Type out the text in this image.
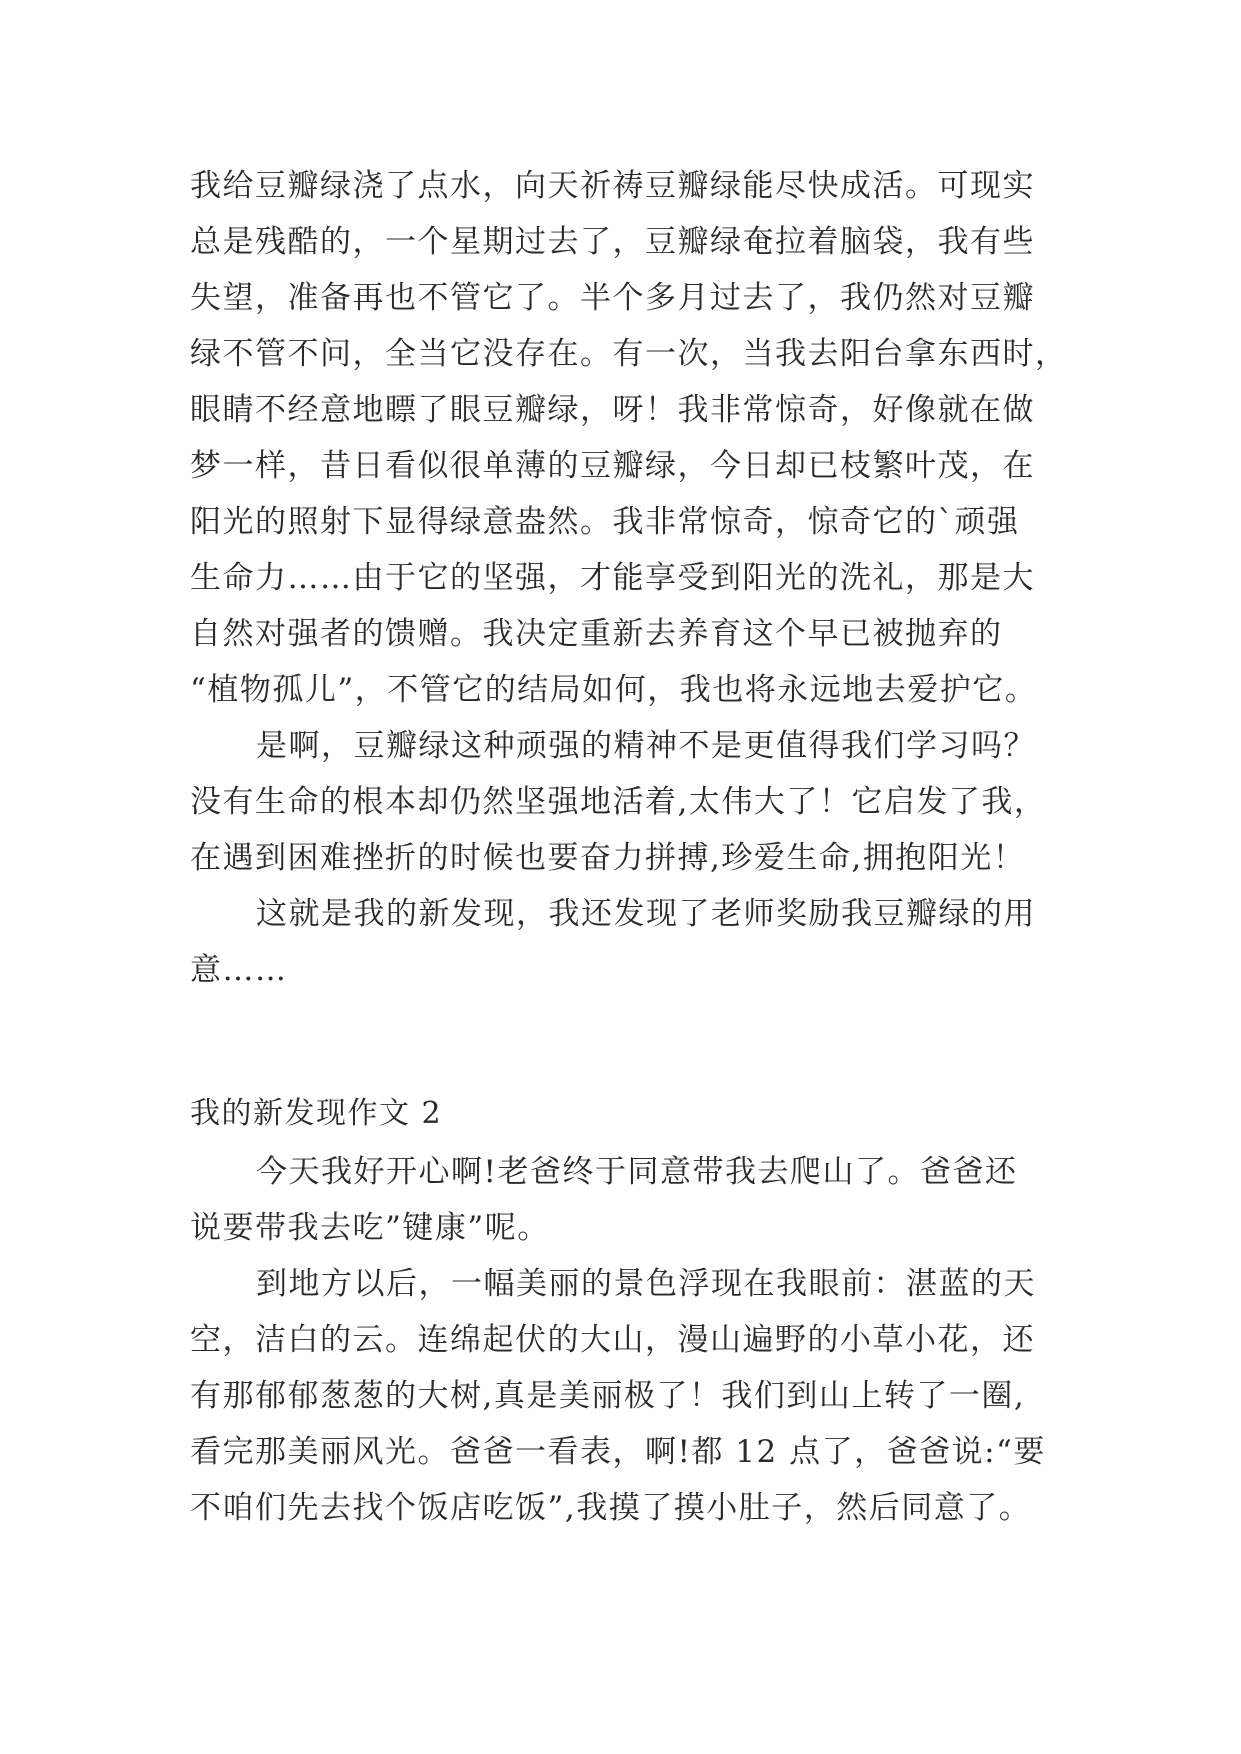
我给豆瓣绿浇了点水，向天祈祷豆瓣绿能尽快成活。可现实
总是残酷的，一个星期过去了，豆瓣绿奄拉着脑袋，我有些
失望，准备再也不管它了。半个多月过去了，我仍然对豆瓣
绿不管不问，全当它没存在。有一次，当我去阳台拿东西时，
眼睛不经意地瞟了眼豆瓣绿，呀！我非常惊奇，好像就在做
梦一样，昔日看似很单薄的豆瓣绿，今日却已枝繁叶茂，在
阳光的照射下显得绿意盎然。我非常惊奇，惊奇它的`顽强
生命力……由于它的坚强，才能享受到阳光的洗礼，那是大
自然对强者的馈赠。我决定重新去养育这个早已被抛弃的
“植物孤儿”，不管它的结局如何，我也将永远地去爱护它。
是啊，豆瓣绿这种顽强的精神不是更值得我们学习吗？
没有生命的根本却仍然坚强地活着,太伟大了！它启发了我，
在遇到困难挫折的时候也要奋力拼搏,珍爱生命,拥抱阳光！
这就是我的新发现，我还发现了老师奖励我豆瓣绿的用
意……
我的新发现作文 2
今天我好开心啊!老爸终于同意带我去爬山了。爸爸还
说要带我去吃”键康”呢。
到地方以后，一幅美丽的景色浮现在我眼前：湛蓝的天
空，洁白的云。连绵起伏的大山，漫山遍野的小草小花，还
有那郁郁葱葱的大树,真是美丽极了！我们到山上转了一圈,
看完那美丽风光。爸爸一看表，啊!都 12 点了，爸爸说:“要
不咱们先去找个饭店吃饭”,我摸了摸小肚子，然后同意了。
